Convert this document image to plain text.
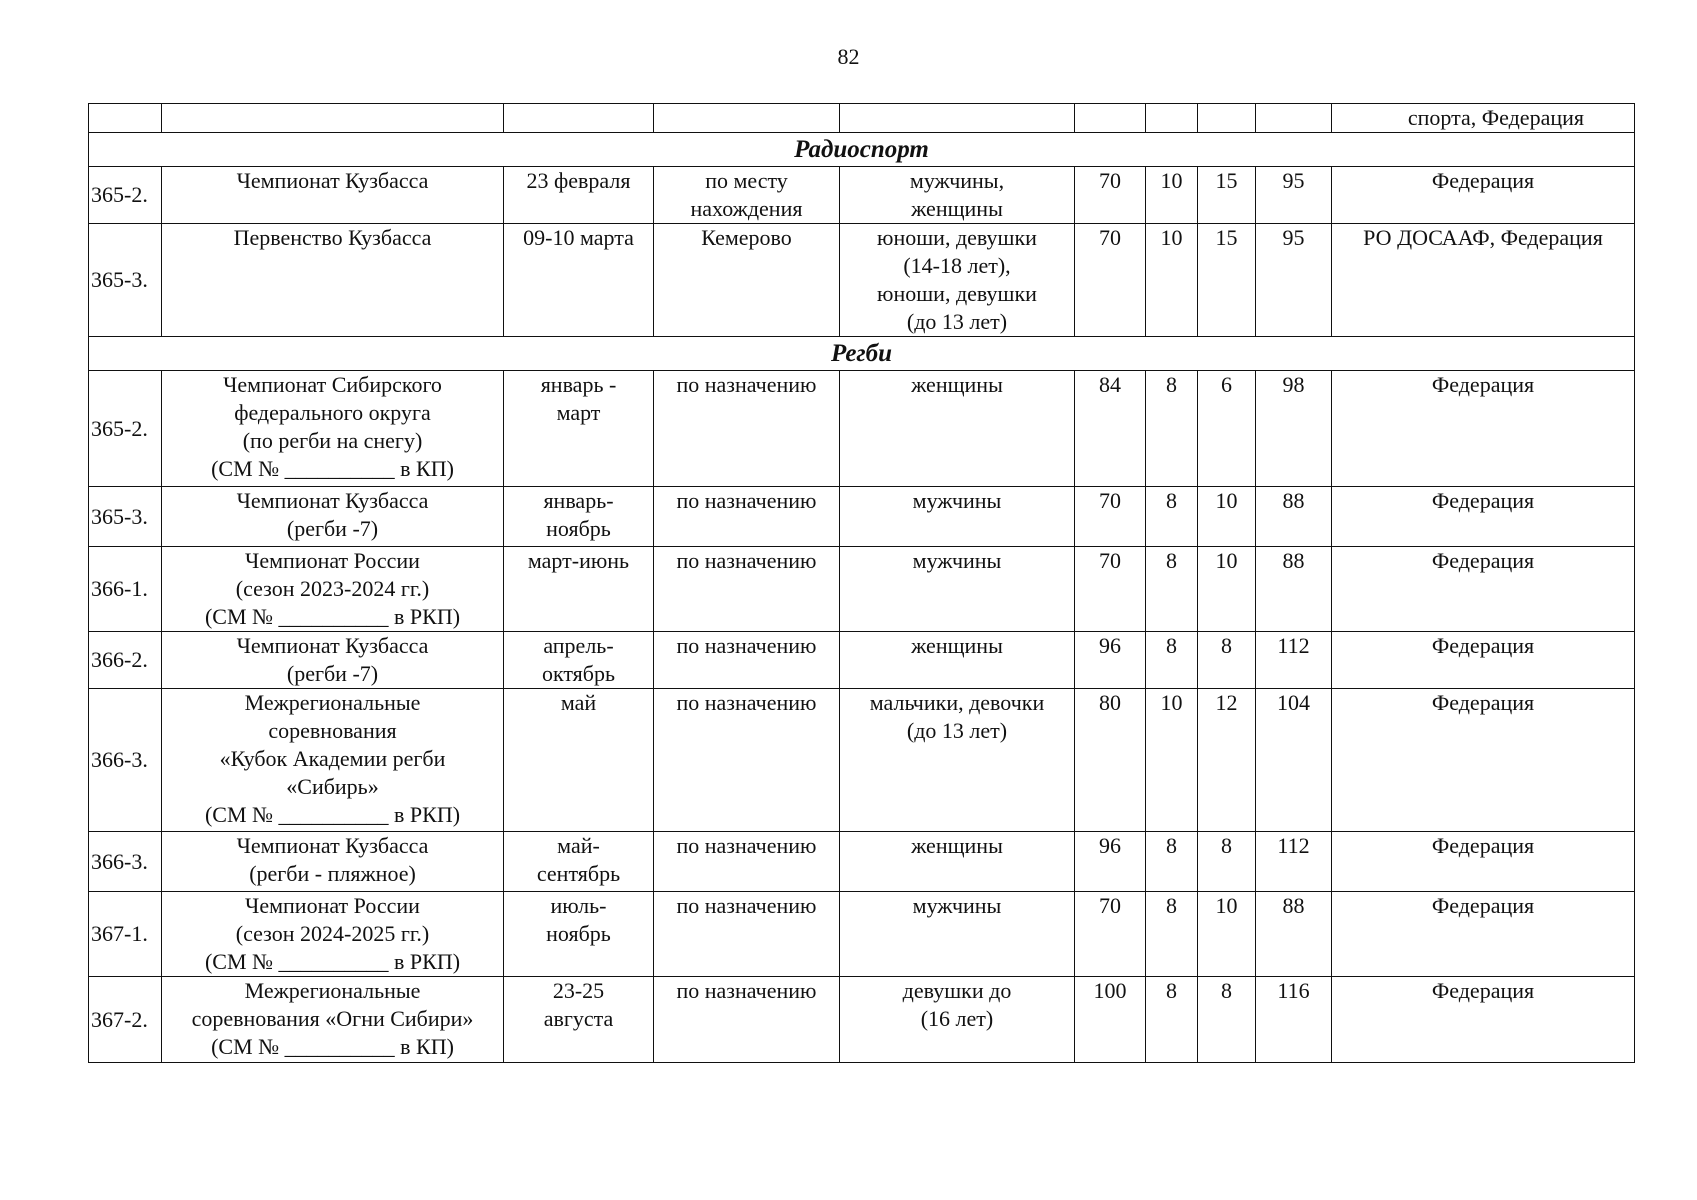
82
									спорта, Федерация
Радиоспорт									
365-2.	Чемпионат Кузбасса	23 февраля	по месту
нахождения	мужчины,
женщины	70	10	15	95	Федерация
365-3.	Первенство Кузбасса	09-10 марта	Кемерово	юноши, девушки
(14-18 лет),
юноши, девушки
(до 13 лет)	70	10	15	95	РО ДОСААФ, Федерация
Регби									
365-2.	Чемпионат Сибирского
федерального округа
(по регби на снегу)
(СМ № __________ в КП)	январь -
март	по назначению	женщины	84	8	6	98	Федерация
365-3.	Чемпионат Кузбасса
(регби -7)	январь-
ноябрь	по назначению	мужчины	70	8	10	88	Федерация
366-1.	Чемпионат России
(сезон 2023-2024 гг.)
(СМ № __________ в РКП)	март-июнь	по назначению	мужчины	70	8	10	88	Федерация
366-2.	Чемпионат Кузбасса
(регби -7)	апрель-
октябрь	по назначению	женщины	96	8	8	112	Федерация
366-3.	Межрегиональные
соревнования
«Кубок Академии регби
«Сибирь»
(СМ № __________ в РКП)	май	по назначению	мальчики, девочки
(до 13 лет)	80	10	12	104	Федерация
366-3.	Чемпионат Кузбасса
(регби - пляжное)	май-
сентябрь	по назначению	женщины	96	8	8	112	Федерация
367-1.	Чемпионат России
(сезон 2024-2025 гг.)
(СМ № __________ в РКП)	июль-
ноябрь	по назначению	мужчины	70	8	10	88	Федерация
367-2.	Межрегиональные
соревнования «Огни Сибири»
(СМ № __________ в КП)	23-25
августа	по назначению	девушки до
(16 лет)	100	8	8	116	Федерация
